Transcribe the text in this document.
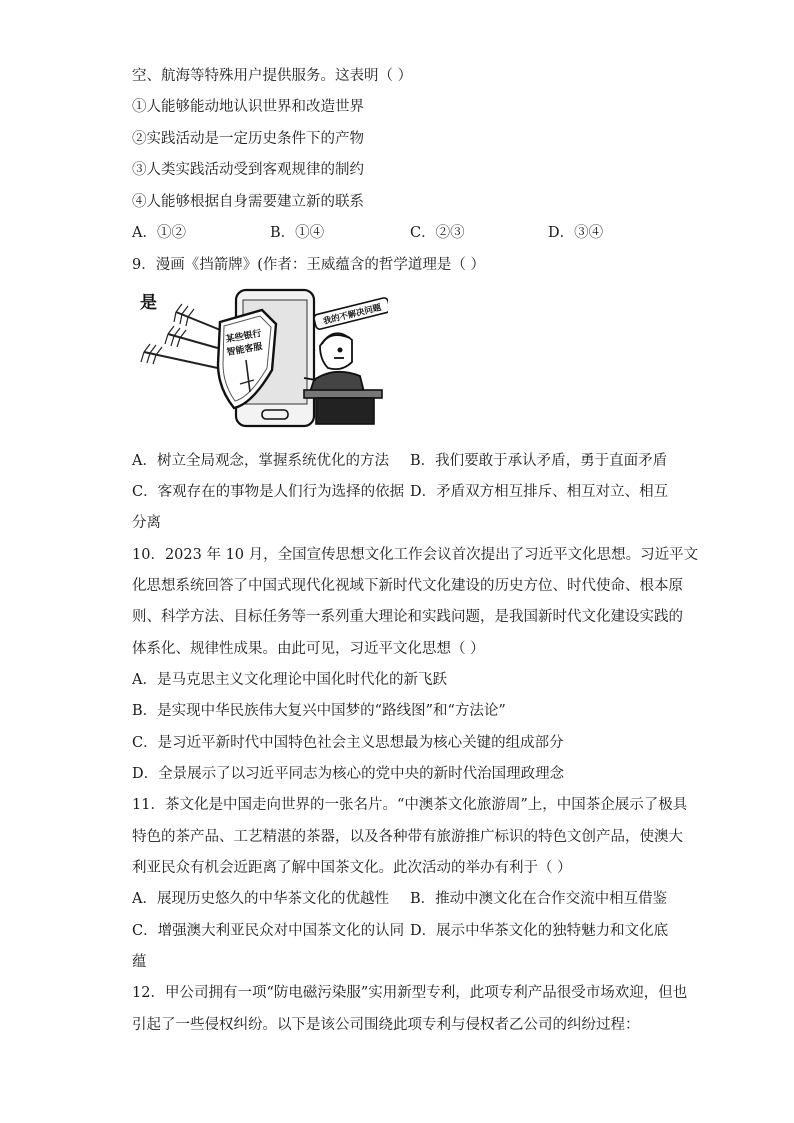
空、航海等特殊用户提供服务。这表明（ ）
①人能够能动地认识世界和改造世界
②实践活动是一定历史条件下的产物
③人类实践活动受到客观规律的制约
④人能够根据自身需要建立新的联系
A．①②	B．①④	C．②③	D．③④
9．漫画《挡箭牌》(作者：王威蕴含的哲学道理是（ ）
是
某些银行
智能客服
我的不解决问题
A．树立全局观念，掌握系统优化的方法 B．我们要敢于承认矛盾，勇于直面矛盾
C．客观存在的事物是人们行为选择的依据 D．矛盾双方相互排斥、相互对立、相互
分离
10．2023 年 10 月，全国宣传思想文化工作会议首次提出了习近平文化思想。习近平文
化思想系统回答了中国式现代化视域下新时代文化建设的历史方位、时代使命、根本原
则、科学方法、目标任务等一系列重大理论和实践问题，是我国新时代文化建设实践的
体系化、规律性成果。由此可见，习近平文化思想（ ）
A．是马克思主义文化理论中国化时代化的新飞跃
B．是实现中华民族伟大复兴中国梦的“路线图”和“方法论”
C．是习近平新时代中国特色社会主义思想最为核心关键的组成部分
D．全景展示了以习近平同志为核心的党中央的新时代治国理政理念
11．茶文化是中国走向世界的一张名片。“中澳茶文化旅游周”上，中国茶企展示了极具
特色的茶产品、工艺精湛的茶器，以及各种带有旅游推广标识的特色文创产品，使澳大
利亚民众有机会近距离了解中国茶文化。此次活动的举办有利于（ ）
A．展现历史悠久的中华茶文化的优越性 B．推动中澳文化在合作交流中相互借鉴
C．增强澳大利亚民众对中国茶文化的认同 D．展示中华茶文化的独特魅力和文化底
蕴
12．甲公司拥有一项“防电磁污染服”实用新型专利，此项专利产品很受市场欢迎，但也
引起了一些侵权纠纷。以下是该公司围绕此项专利与侵权者乙公司的纠纷过程：
